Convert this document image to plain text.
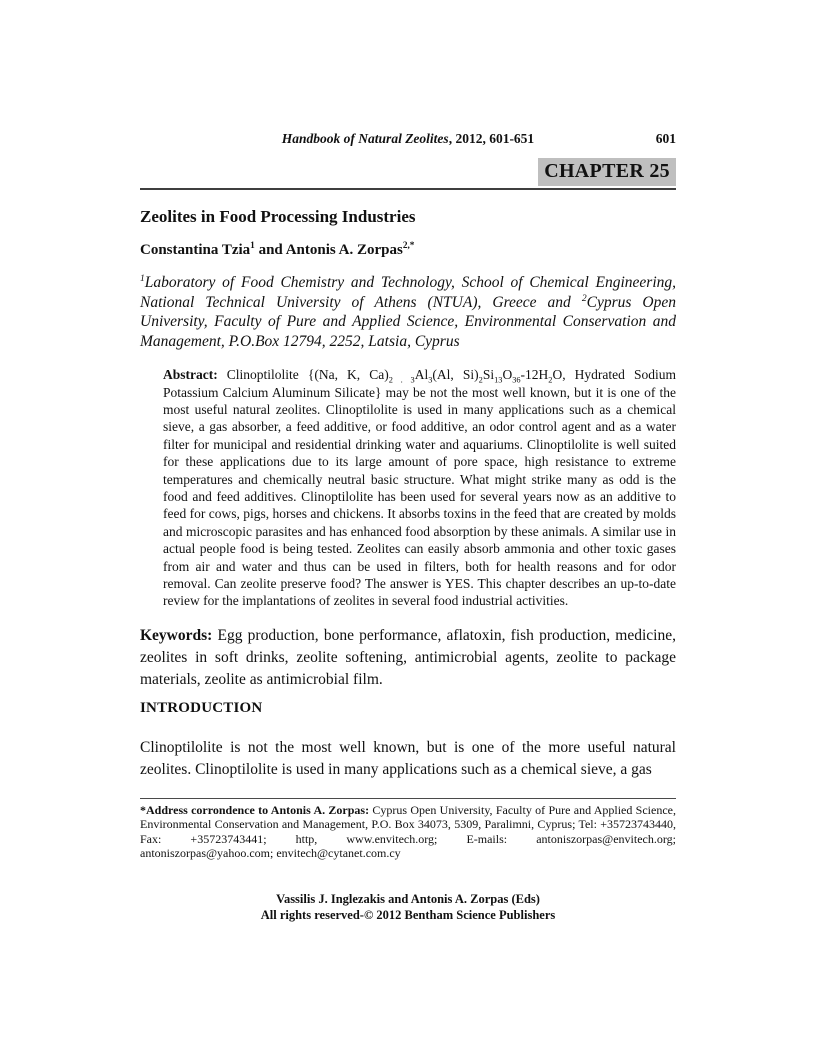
Handbook of Natural Zeolites, 2012, 601-651	601
CHAPTER 25
Zeolites in Food Processing Industries
Constantina Tzia$^1$ and Antonis A. Zorpas$^{2,*}$
$^1$Laboratory of Food Chemistry and Technology, School of Chemical Engineering, National Technical University of Athens (NTUA), Greece and $^2$Cyprus Open University, Faculty of Pure and Applied Science, Environmental Conservation and Management, P.O.Box 12794, 2252, Latsia, Cyprus
Abstract: Clinoptilolite {(Na, K, $Ca)_{2 . 3}Al_3(Al$, $Si)_2Si_{13}O_{36}-12H_2O$, Hydrated Sodium Potassium Calcium Aluminum Silicate} may be not the most well known, but it is one of the most useful natural zeolites. Clinoptilolite is used in many applications such as a chemical sieve, a gas absorber, a feed additive, or food additive, an odor control agent and as a water filter for municipal and residential drinking water and aquariums. Clinoptilolite is well suited for these applications due to its large amount of pore space, high resistance to extreme temperatures and chemically neutral basic structure. What might strike many as odd is the food and feed additives. Clinoptilolite has been used for several years now as an additive to feed for cows, pigs, horses and chickens. It absorbs toxins in the feed that are created by molds and microscopic parasites and has enhanced food absorption by these animals. A similar use in actual people food is being tested. Zeolites can easily absorb ammonia and other toxic gases from air and water and thus can be used in filters, both for health reasons and for odor removal. Can zeolite preserve food? The answer is YES. This chapter describes an up-to-date review for the implantations of zeolites in several food industrial activities.
Keywords: Egg production, bone performance, aflatoxin, fish production, medicine, zeolites in soft drinks, zeolite softening, antimicrobial agents, zeolite to package materials, zeolite as antimicrobial film.
INTRODUCTION
Clinoptilolite is not the most well known, but is one of the more useful natural zeolites. Clinoptilolite is used in many applications such as a chemical sieve, a gas
*Address corrondence to Antonis A. Zorpas: Cyprus Open University, Faculty of Pure and Applied Science, Environmental Conservation and Management, P.O. Box 34073, 5309, Paralimni, Cyprus; Tel: +35723743440, Fax: +35723743441; http, www.envitech.org; E-mails: antoniszorpas@envitech.org; antoniszorpas@yahoo.com; envitech@cytanet.com.cy
Vassilis J. Inglezakis and Antonis A. Zorpas (Eds)
All rights reserved-© 2012 Bentham Science Publishers
